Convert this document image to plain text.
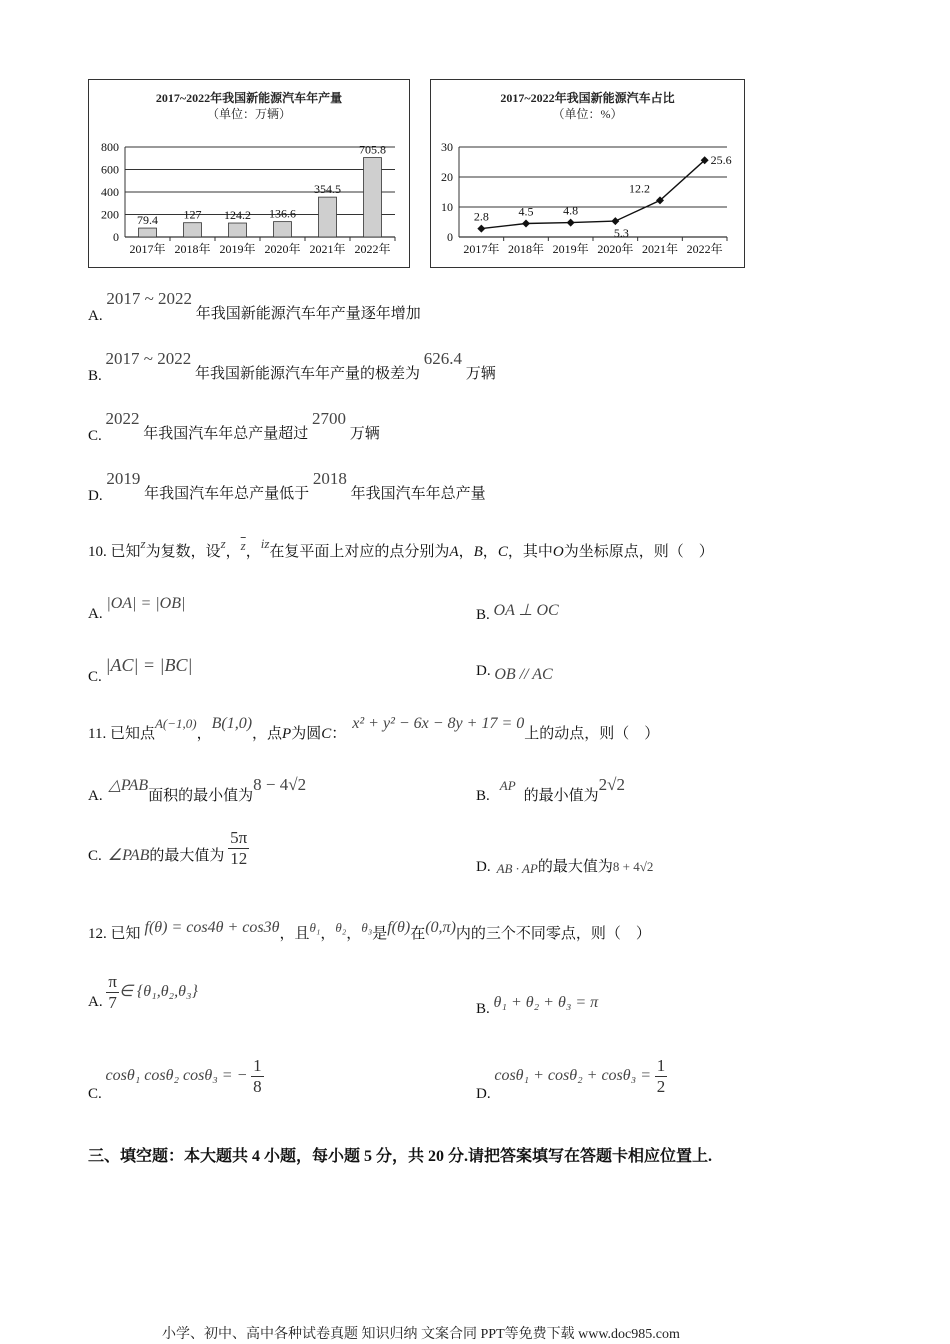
2017~2022年我国新能源汽车年产量
（单位：万辆）
0
200
400
600
800
2017年
79.4
2018年
127
2019年
124.2
2020年
136.6
2021年
354.5
2022年
705.8
2017~2022年我国新能源汽车占比
（单位：%）
0
10
20
30
2017年 2018年 2019年 2020年 2021年 2022年
2.8 4.5 4.8
5.3
12.2
25.6
A. 2017 ~ 2022 年我国新能源汽车年产量逐年增加
B. 2017 ~ 2022 年我国新能源汽车年产量的极差为 626.4 万辆
C. 2022 年我国汽车年总产量超过 2700 万辆
D. 2019 年我国汽车年总产量低于 2018 年我国汽车年总产量
10. 已知z为复数，设z，$\overline{z}$，iz在复平面上对应的点分别为A，B，C，其中O为坐标原点，则（　）
A. |OA| = |OB|
B. OA ⊥ OC
C. |AC| = |BC|	D. OB // AC
11. 已知点A(−1,0)，B(1,0)，点P为圆C：x² + y² − 6x − 8y + 17 = 0上的动点，则（　）
A.△PAB面积的最小值为8 − 4√2
B.AP的最小值为2√2
C. ∠PAB的最大值为 $\frac{5\pi}{12}$	D. AB · AP的最大值为8 + 4√2
12. 已知 f(θ) = cos4θ + cos3θ，且θ₁，θ₂，θ₃是f(θ)在(0,π)内的三个不同零点，则（　）
A. $\frac{\pi}{7}$ ∈ {θ₁,θ₂,θ₃}
B. θ₁ + θ₂ + θ₃ = π
C. cosθ₁ cosθ₂ cosθ₃ = − $\frac{1}{8}$	D. $\cos\theta_1 + \cos\theta_2 + \cos\theta_3 = \frac{1}{2}$
三、填空题：本大题共 4 小题，每小题 5 分，共 20 分.请把答案填写在答题卡相应位置上.
小学、初中、高中各种试卷真题 知识归纳 文案合同 PPT等免费下载 www.doc985.com
